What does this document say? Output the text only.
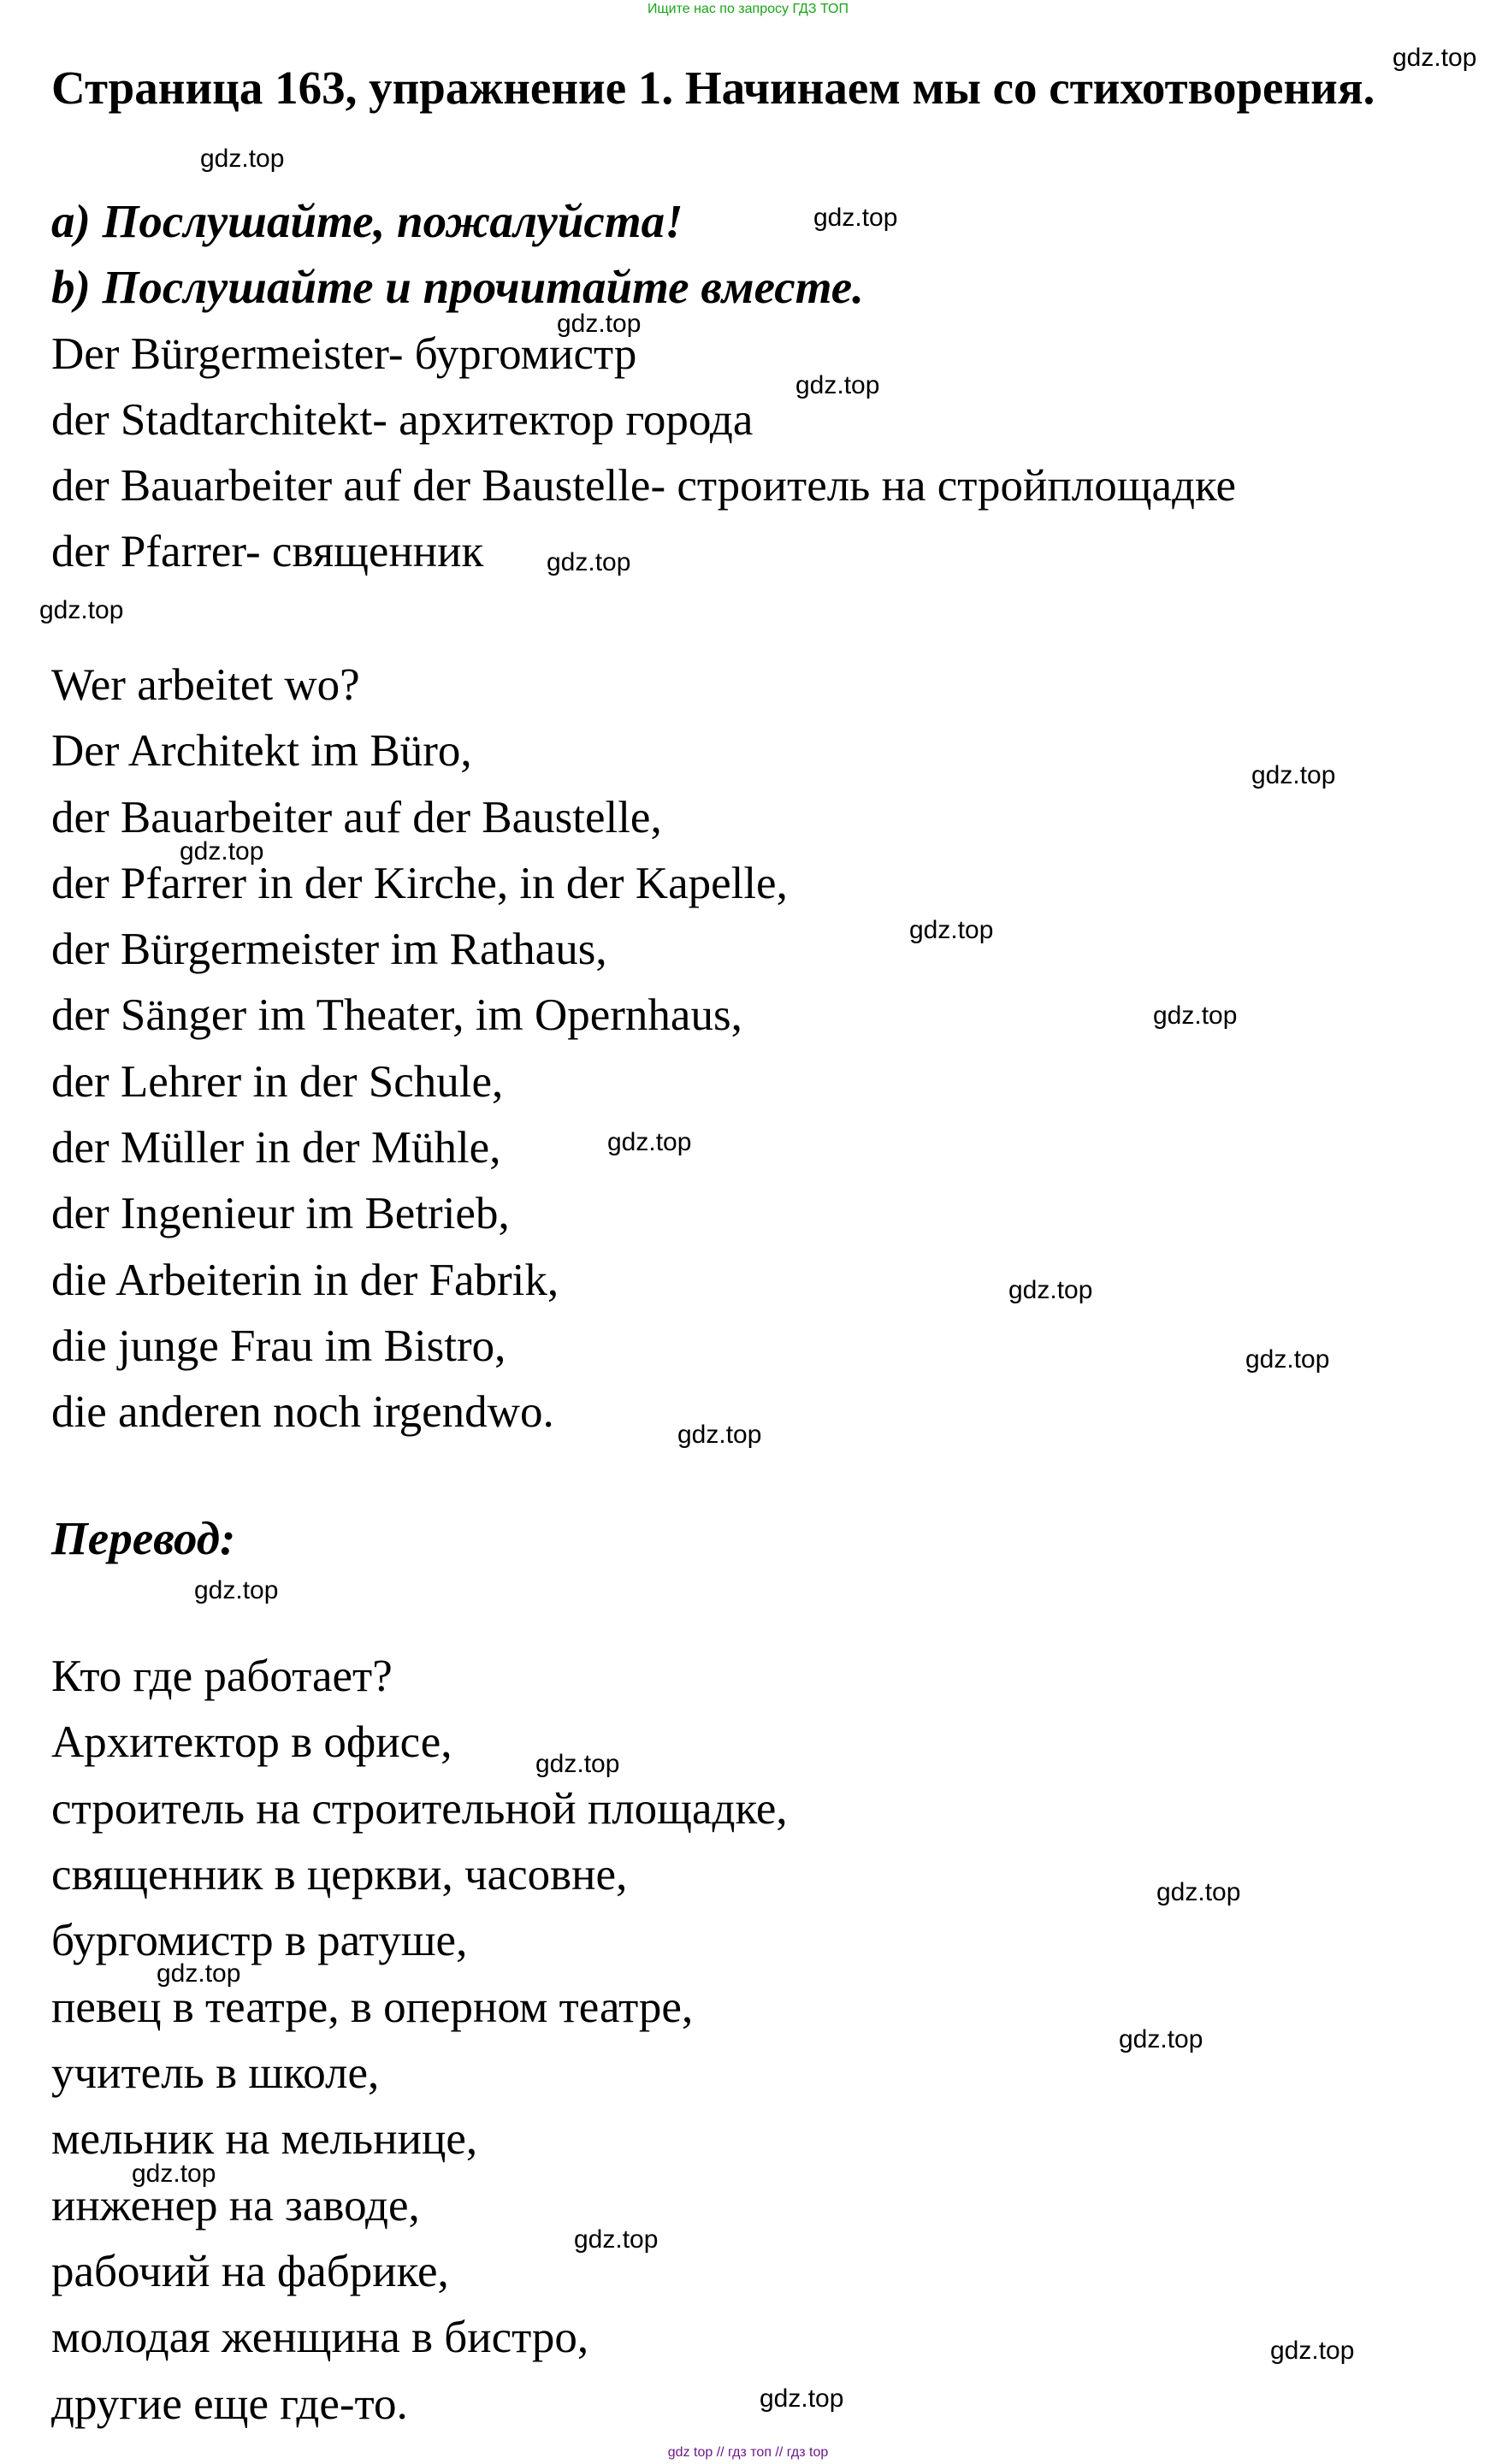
Ищите нас по запросу ГДЗ ТОП
Страница 163, упражнение 1. Начинаем мы со стихотворения.

a) Послушайте, пожалуйста!

b) Послушайте и прочитайте вместе.

Der Bürgermeister- бургомистр

der Stadtarchitekt- архитектор города

der Bauarbeiter auf der Baustelle- строитель на стройплощадке

der Pfarrer- священник

Wer arbeitet wo?

Der Architekt im Büro,

der Bauarbeiter auf der Baustelle,

der Pfarrer in der Kirche, in der Kapelle,

der Bürgermeister im Rathaus,

der Sänger im Theater, im Opernhaus,

der Lehrer in der Schule,

der Müller in der Mühle,

der Ingenieur im Betrieb,

die Arbeiterin in der Fabrik,

die junge Frau im Bistro,

die anderen noch irgendwo.

Перевод:

Кто где работает?

Архитектор в офисе,

строитель на строительной площадке,

священник в церкви, часовне,

бургомистр в ратуше,

певец в театре, в оперном театре,

учитель в школе,

мельник на мельнице,

инженер на заводе,

рабочий на фабрике,

молодая женщина в бистро,

другие еще где-то.

gdz.top
gdz.top
gdz.top
gdz.top
gdz.top
gdz.top
gdz.top
gdz.top
gdz.top
gdz.top
gdz.top
gdz.top
gdz.top
gdz.top
gdz.top
gdz.top
gdz.top
gdz.top
gdz.top
gdz.top
gdz.top
gdz.top
gdz.top
gdz.top
gdz top // гдз топ // гдз top
